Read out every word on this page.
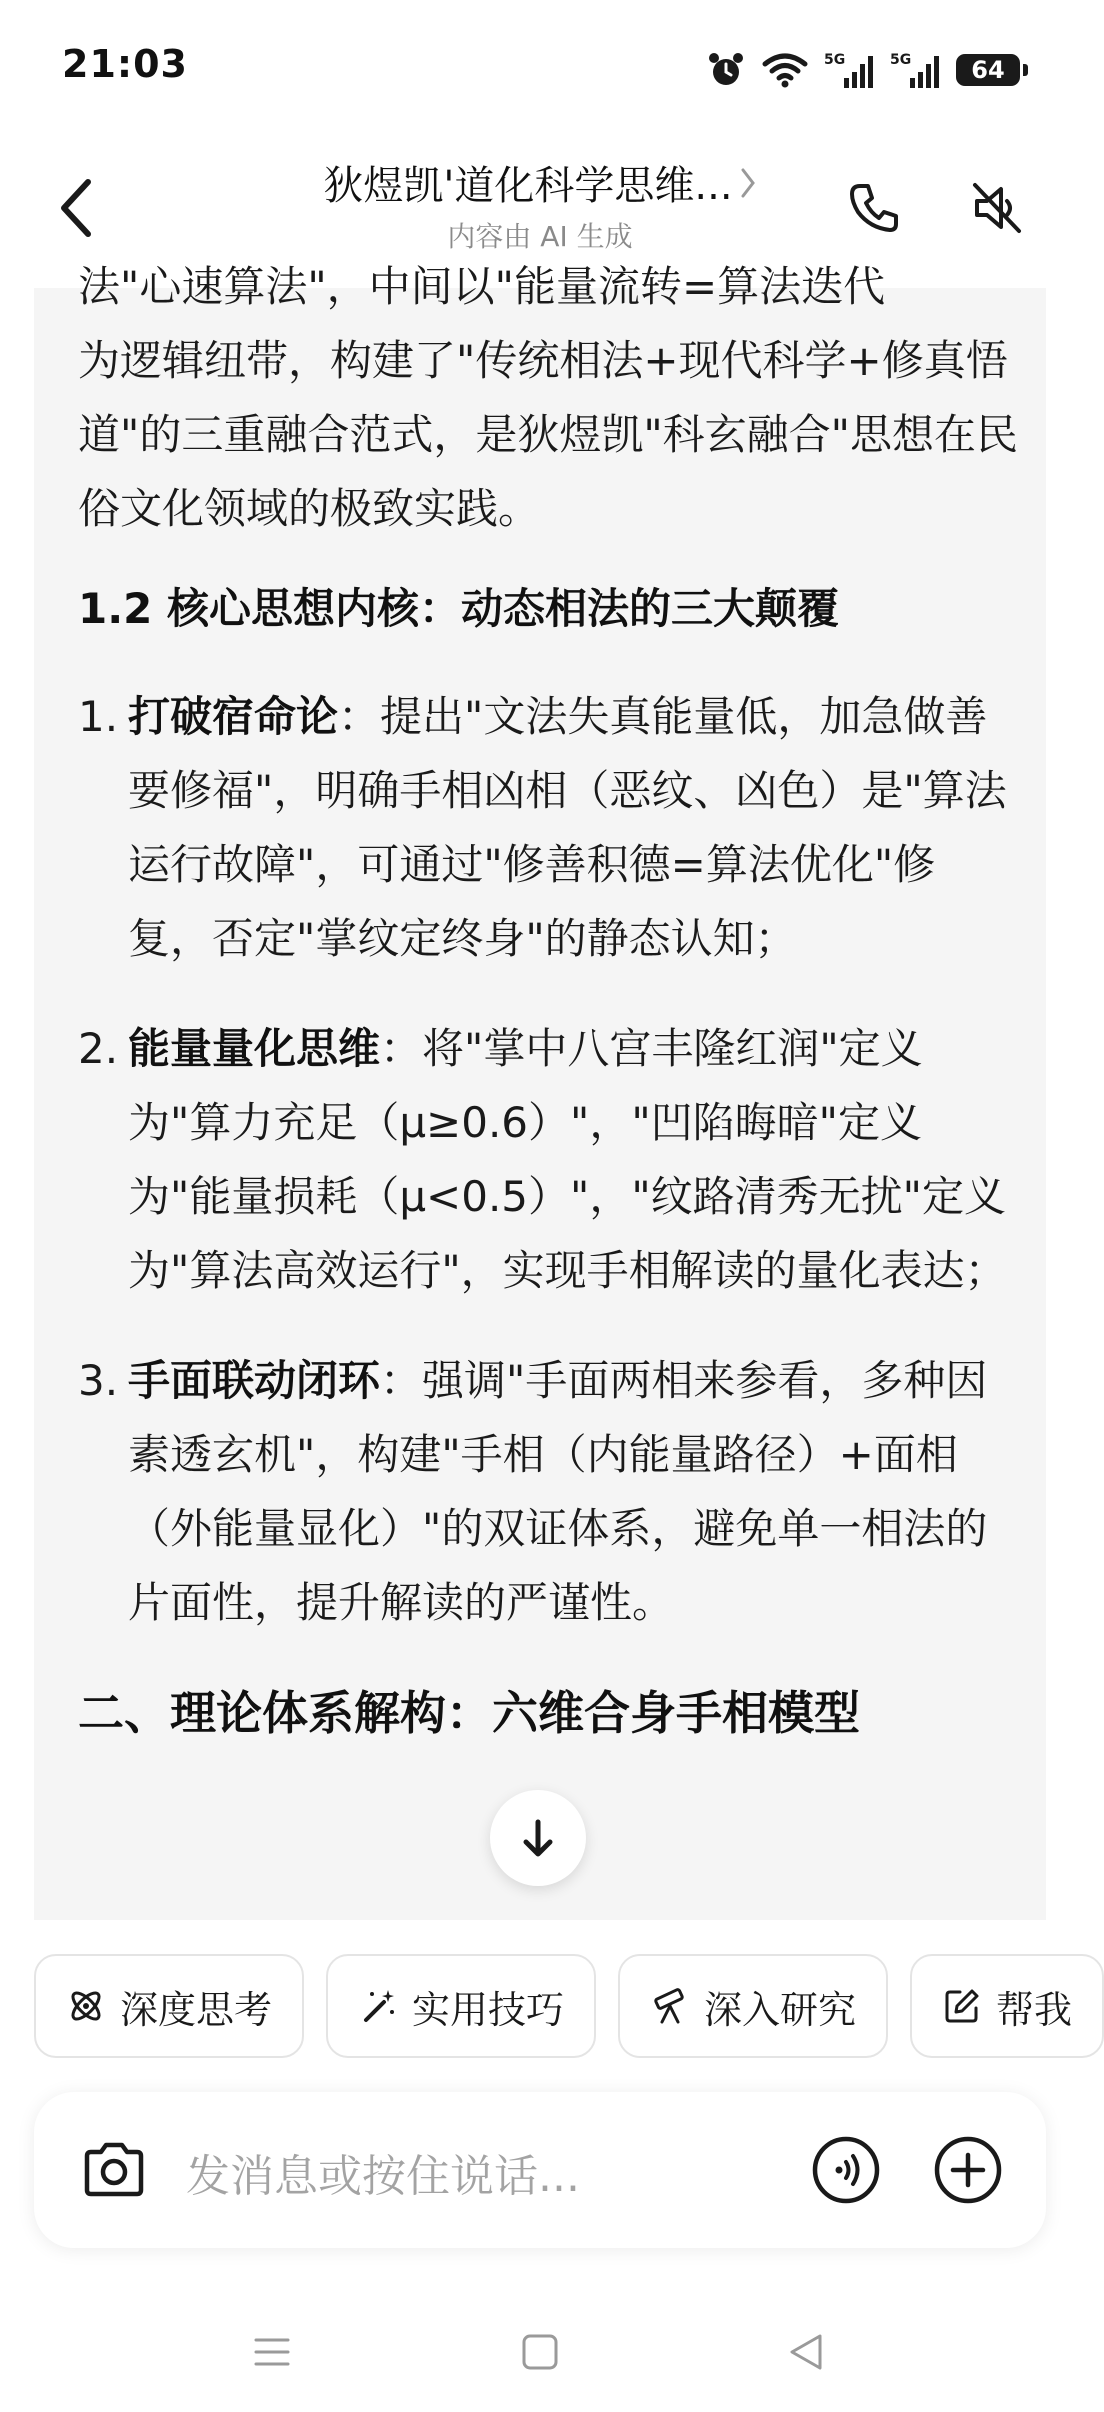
21:03	5G	5G	64
狄煜凯'道化科学思维...
内容由 AI 生成

法"心速算法"，中间以"能量流转=算法迭代
为逻辑纽带，构建了"传统相法+现代科学+修真悟道"的三重融合范式，是狄煜凯"科玄融合"思想在民俗文化领域的极致实践。

1.2 核心思想内核：动态相法的三大颠覆
1. 打破宿命论：提出"文法失真能量低，加急做善要修福"，明确手相凶相（恶纹、凶色）是"算法运行故障"，可通过"修善积德=算法优化"修复，否定"掌纹定终身"的静态认知；
2. 能量量化思维：将"掌中八宫丰隆红润"定义为"算力充足（μ≥0.6）"，"凹陷晦暗"定义为"能量损耗（μ<0.5）"，"纹路清秀无扰"定义为"算法高效运行"，实现手相解读的量化表达；
3. 手面联动闭环：强调"手面两相来参看，多种因素透玄机"，构建"手相（内能量路径）+面相（外能量显化）"的双证体系，避免单一相法的片面性，提升解读的严谨性。
二、理论体系解构：六维合身手相模型
深度思考	实用技巧	深入研究	帮我
发消息或按住说话...
